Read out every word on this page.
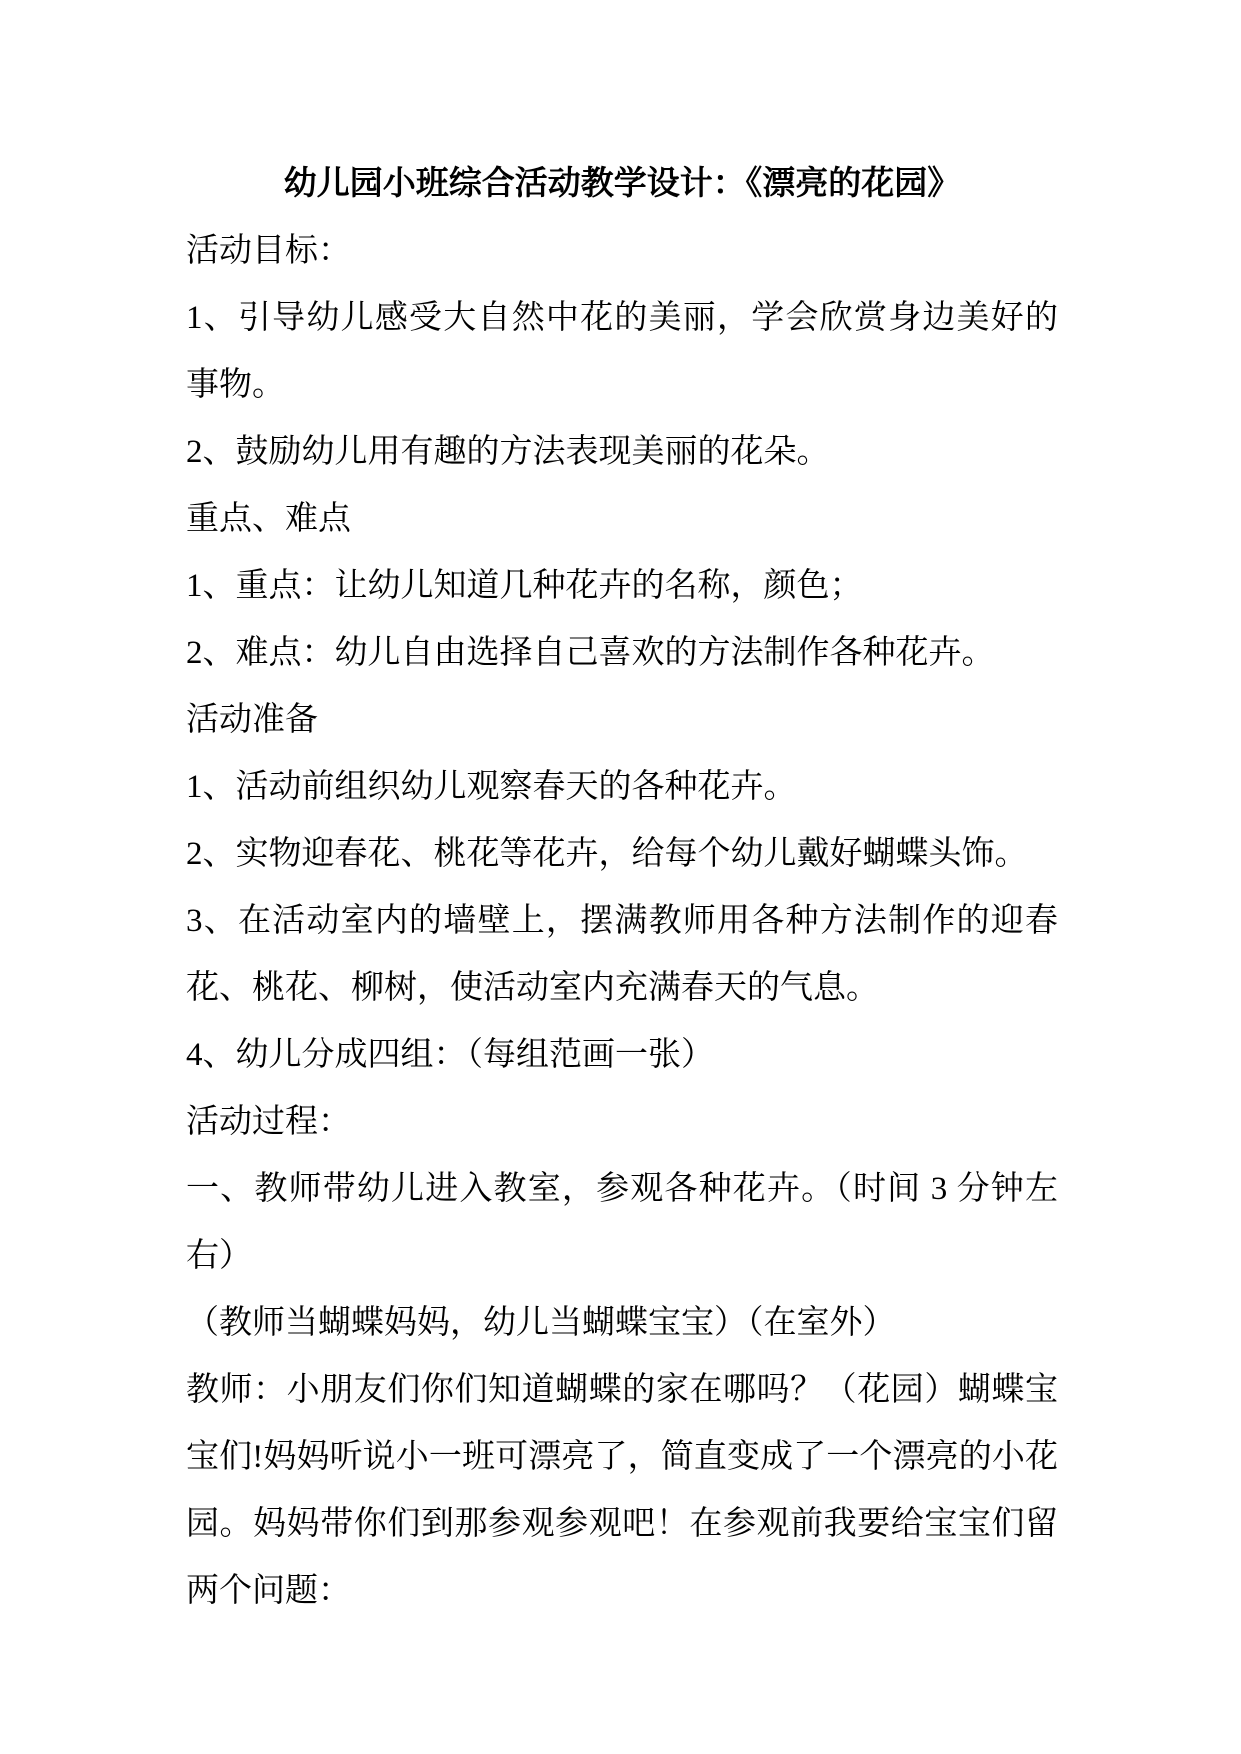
幼儿园小班综合活动教学设计：《漂亮的花园》

活动目标：

1、引导幼儿感受大自然中花的美丽，学会欣赏身边美好的
事物。

2、鼓励幼儿用有趣的方法表现美丽的花朵。

重点、难点

1、重点：让幼儿知道几种花卉的名称，颜色；

2、难点：幼儿自由选择自己喜欢的方法制作各种花卉。

活动准备

1、活动前组织幼儿观察春天的各种花卉。

2、实物迎春花、桃花等花卉，给每个幼儿戴好蝴蝶头饰。

3、在活动室内的墙壁上，摆满教师用各种方法制作的迎春
花、桃花、柳树，使活动室内充满春天的气息。

4、幼儿分成四组：（每组范画一张）

活动过程：

一、教师带幼儿进入教室，参观各种花卉。（时间 3 分钟左
右）

（教师当蝴蝶妈妈，幼儿当蝴蝶宝宝）（在室外）

教师：小朋友们你们知道蝴蝶的家在哪吗？（花园）蝴蝶宝
宝们!妈妈听说小一班可漂亮了，简直变成了一个漂亮的小花
园。妈妈带你们到那参观参观吧！在参观前我要给宝宝们留
两个问题：
